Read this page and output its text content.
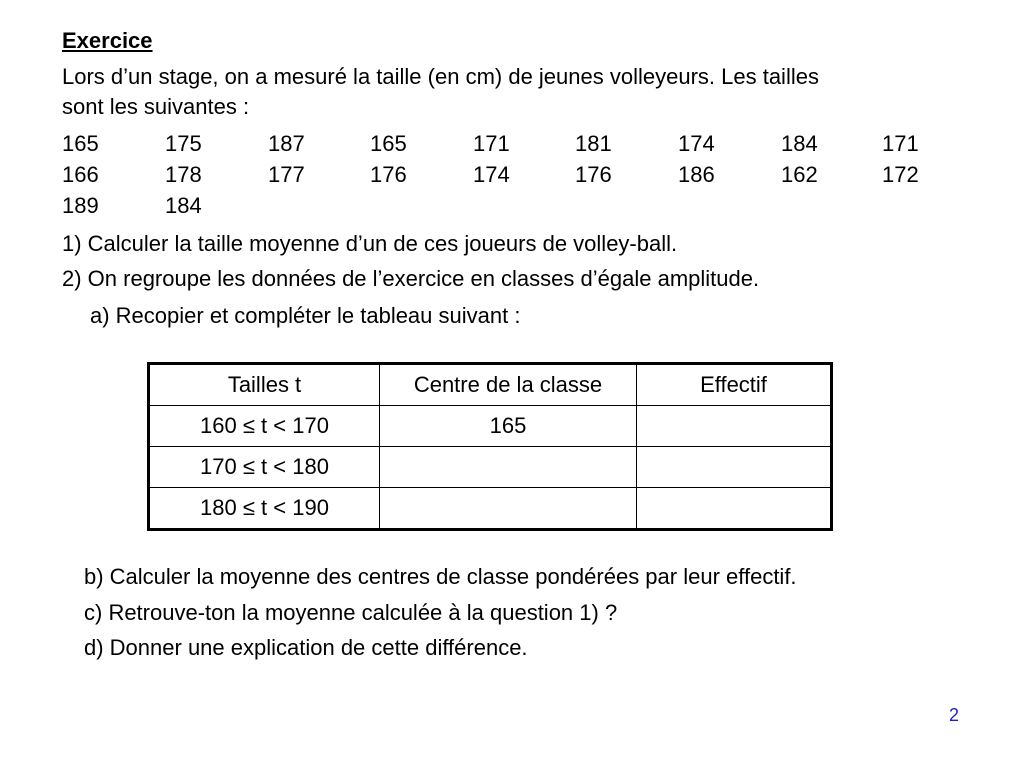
Exercice
Lors d’un stage, on a mesuré la taille (en cm) de jeunes volleyeurs. Les tailles
sont les suivantes :
165	175	187	165	171	181	174	184	171
166	178	177	176	174	176	186	162	172
189	184
1) Calculer la taille moyenne d’un de ces joueurs de volley-ball.
2) On regroupe les données de l’exercice en classes d’égale amplitude.
a) Recopier et compléter le tableau suivant :
Tailles t	Centre de la classe	Effectif
160 ≤ t < 170	165	
170 ≤ t < 180		
180 ≤ t < 190		
b) Calculer la moyenne des centres de classe pondérées par leur effectif.
c) Retrouve-ton la moyenne calculée à la question 1) ?
d) Donner une explication de cette différence.
2
